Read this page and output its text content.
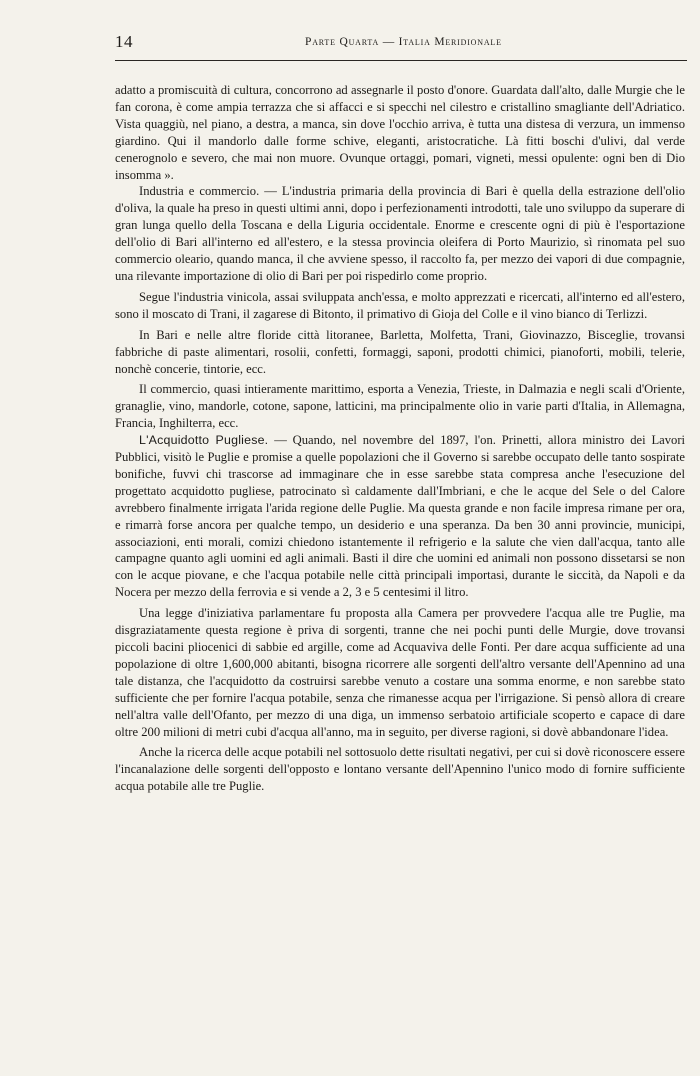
14	Parte Quarta — Italia Meridionale

adatto a promiscuità di cultura, concorrono ad assegnarle il posto d'onore. Guardata dall'alto, dalle Murgie che le fan corona, è come ampia terrazza che si affacci e si specchi nel cilestro e cristallino smagliante dell'Adriatico. Vista quaggiù, nel piano, a destra, a manca, sin dove l'occhio arriva, è tutta una distesa di verzura, un immenso giardino. Qui il mandorlo dalle forme schive, eleganti, aristocratiche. Là fitti boschi d'ulivi, dal verde cenerognolo e severo, che mai non muore. Ovunque ortaggi, pomari, vigneti, messi opulente: ogni ben di Dio insomma ».

Industria e commercio. — L'industria primaria della provincia di Bari è quella della estrazione dell'olio d'oliva, la quale ha preso in questi ultimi anni, dopo i perfezionamenti introdotti, tale uno sviluppo da superare di gran lunga quello della Toscana e della Liguria occidentale. Enorme e crescente ogni di più è l'esportazione dell'olio di Bari all'interno ed all'estero, e la stessa provincia oleifera di Porto Maurizio, sì rinomata pel suo commercio oleario, quando manca, il che avviene spesso, il raccolto fa, per mezzo dei vapori di due compagnie, una rilevante importazione di olio di Bari per poi rispedirlo come proprio.

Segue l'industria vinicola, assai sviluppata anch'essa, e molto apprezzati e ricercati, all'interno ed all'estero, sono il moscato di Trani, il zagarese di Bitonto, il primativo di Gioja del Colle e il vino bianco di Terlizzi.

In Bari e nelle altre floride città litoranee, Barletta, Molfetta, Trani, Giovinazzo, Bisceglie, trovansi fabbriche di paste alimentari, rosolii, confetti, formaggi, saponi, prodotti chimici, pianoforti, mobili, telerie, nonchè concerie, tintorie, ecc.

Il commercio, quasi intieramente marittimo, esporta a Venezia, Trieste, in Dalmazia e negli scali d'Oriente, granaglie, vino, mandorle, cotone, sapone, latticini, ma principalmente olio in varie parti d'Italia, in Allemagna, Francia, Inghilterra, ecc.

L'Acquidotto Pugliese. — Quando, nel novembre del 1897, l'on. Prinetti, allora ministro dei Lavori Pubblici, visitò le Puglie e promise a quelle popolazioni che il Governo si sarebbe occupato delle tanto sospirate bonifiche, fuvvi chi trascorse ad immaginare che in esse sarebbe stata compresa anche l'esecuzione del progettato acquidotto pugliese, patrocinato sì caldamente dall'Imbriani, e che le acque del Sele o del Calore avrebbero finalmente irrigata l'arida regione delle Puglie. Ma questa grande e non facile impresa rimane per ora, e rimarrà forse ancora per qualche tempo, un desiderio e una speranza. Da ben 30 anni provincie, municipi, associazioni, enti morali, comizi chiedono istantemente il refrigerio e la salute che vien dall'acqua, tanto alle campagne quanto agli uomini ed agli animali. Basti il dire che uomini ed animali non possono dissetarsi se non con le acque piovane, e che l'acqua potabile nelle città principali importasi, durante le siccità, da Napoli e da Nocera per mezzo della ferrovia e si vende a 2, 3 e 5 centesimi il litro.

Una legge d'iniziativa parlamentare fu proposta alla Camera per provvedere l'acqua alle tre Puglie, ma disgraziatamente questa regione è priva di sorgenti, tranne che nei pochi punti delle Murgie, dove trovansi piccoli bacini pliocenici di sabbie ed argille, come ad Acquaviva delle Fonti. Per dare acqua sufficiente ad una popolazione di oltre 1,600,000 abitanti, bisogna ricorrere alle sorgenti dell'altro versante dell'Apennino ad una tale distanza, che l'acquidotto da costruirsi sarebbe venuto a costare una somma enorme, e non sarebbe stato sufficiente che per fornire l'acqua potabile, senza che rimanesse acqua per l'irrigazione. Si pensò allora di creare nell'altra valle dell'Ofanto, per mezzo di una diga, un immenso serbatoio artificiale scoperto e capace di dare oltre 200 milioni di metri cubi d'acqua all'anno, ma in seguito, per diverse ragioni, si dovè abbandonare l'idea.

Anche la ricerca delle acque potabili nel sottosuolo dette risultati negativi, per cui si dovè riconoscere essere l'incanalazione delle sorgenti dell'opposto e lontano versante dell'Apennino l'unico modo di fornire sufficiente acqua potabile alle tre Puglie.
